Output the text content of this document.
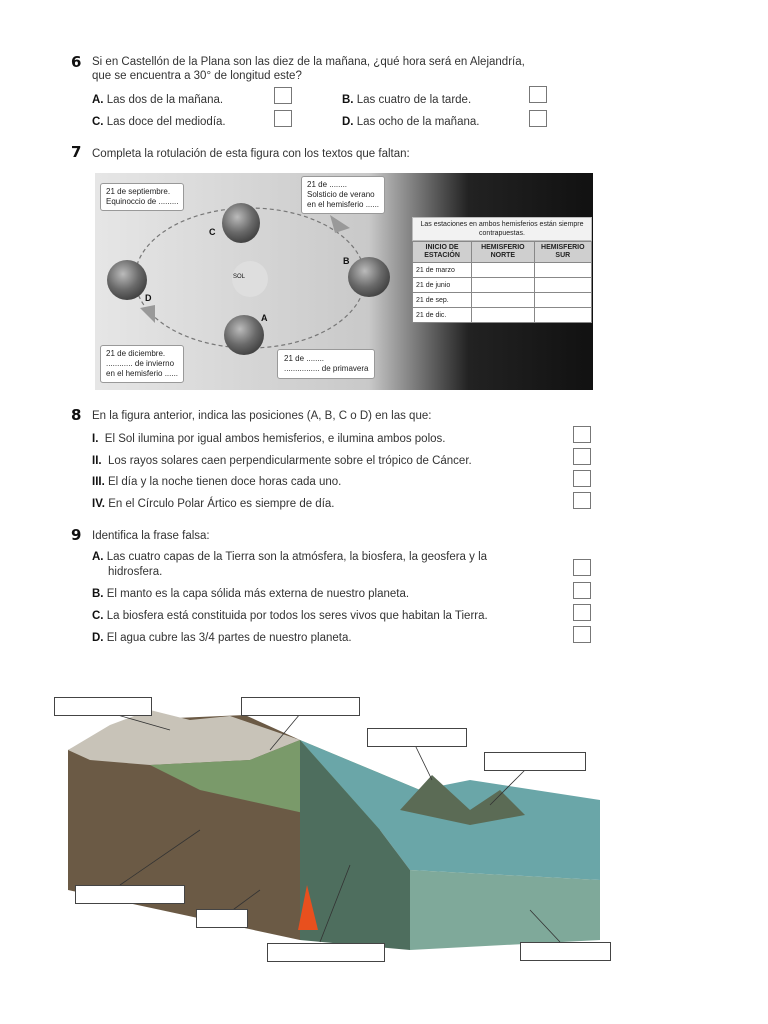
6 Si en Castellón de la Plana son las diez de la mañana, ¿qué hora será en Alejandría,
que se encuentra a 30° de longitud este?
A. Las dos de la mañana.	B. Las cuatro de la tarde.
C. Las doce del mediodía.	D. Las ocho de la mañana.
7 Completa la rotulación de esta figura con los textos que faltan:
SOL
A
B
C
D
21 de septiembre.
Equinoccio de .........
21 de ........
Solsticio de verano
en el hemisferio ......
21 de diciembre.
............ de invierno
en el hemisferio ......
21 de ........
................ de primavera
Las estaciones en ambos hemisferios están siempre contrapuestas.
INICIO DE ESTACIÓN	HEMISFERIO NORTE	HEMISFERIO SUR
21 de marzo		
21 de junio		
21 de sep.		
21 de dic.		
8 En la figura anterior, indica las posiciones (A, B, C o D) en las que:
I. El Sol ilumina por igual ambos hemisferios, e ilumina ambos polos.
II. Los rayos solares caen perpendicularmente sobre el trópico de Cáncer.
III. El día y la noche tienen doce horas cada uno.
IV. En el Círculo Polar Ártico es siempre de día.
9 Identifica la frase falsa:
A. Las cuatro capas de la Tierra son la atmósfera, la biosfera, la geosfera y la
hidrosfera.
B. El manto es la capa sólida más externa de nuestro planeta.
C. La biosfera está constituida por todos los seres vivos que habitan la Tierra.
D. El agua cubre las 3/4 partes de nuestro planeta.
